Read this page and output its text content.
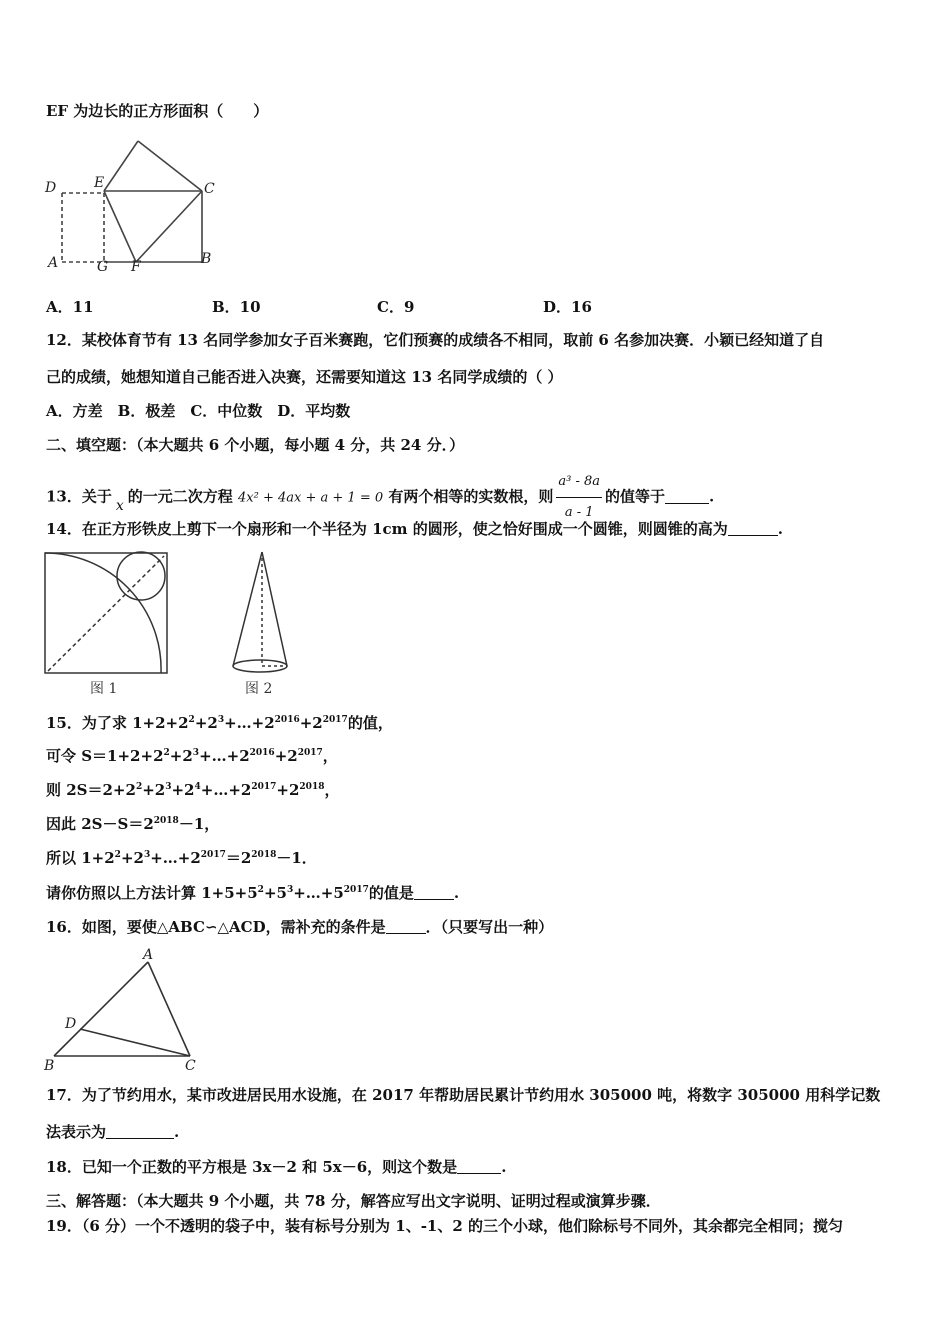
EF 为边长的正方形面积（　　）
D	E	C
A	G F	B
A．11	B．10	C．9	D．16
12．某校体育节有 13 名同学参加女子百米赛跑，它们预赛的成绩各不相同，取前 6 名参加决赛．小颖已经知道了自
己的成绩，她想知道自己能否进入决赛，还需要知道这 13 名同学成绩的（ ）
A．方差　B．极差　C．中位数　D．平均数
二、填空题：（本大题共 6 个小题，每小题 4 分，共 24 分．）
13．关于 x 的一元二次方程 4x² + 4ax + a + 1 = 0 有两个相等的实数根，则 $\frac{\text{a³ - 8a}}{a - 1}$ 的值等于	.
14．在正方形铁皮上剪下一个扇形和一个半径为 1cm 的圆形，使之恰好围成一个圆锥，则圆锥的高为	.
图 1	图 2
15．为了求 $1+2+2^2+2^3+\dots+2^{2016}+2^{2017}$的值，
可令 $S=1+2+2^2+2^3+\dots+2^{2016}+2^{2017}$，
则 $2S=2+2^2+2^3+2^4+\dots+2^{2017}+2^{2018}$，
因此 $2S-S=2^{2018}-1$，
所以 $1+2^2+2^3+\dots+2^{2017}=2^{2018}-1$．
请你仿照以上方法计算 $1+5+5^2+5^3+\dots+5^{2017}$的值是	.
16．如图，要使△ABC∽△ACD，需补充的条件是	．（只要写出一种）
A
D
B	C
17．为了节约用水，某市改进居民用水设施，在 2017 年帮助居民累计节约用水 305000 吨，将数字 305000 用科学记数
法表示为	.
18．已知一个正数的平方根是 3x－2 和 5x－6，则这个数是	.
三、解答题：（本大题共 9 个小题，共 78 分，解答应写出文字说明、证明过程或演算步骤．
19．（6 分）一个不透明的袋子中，装有标号分别为 1、-1、2 的三个小球，他们除标号不同外，其余都完全相同；搅匀
